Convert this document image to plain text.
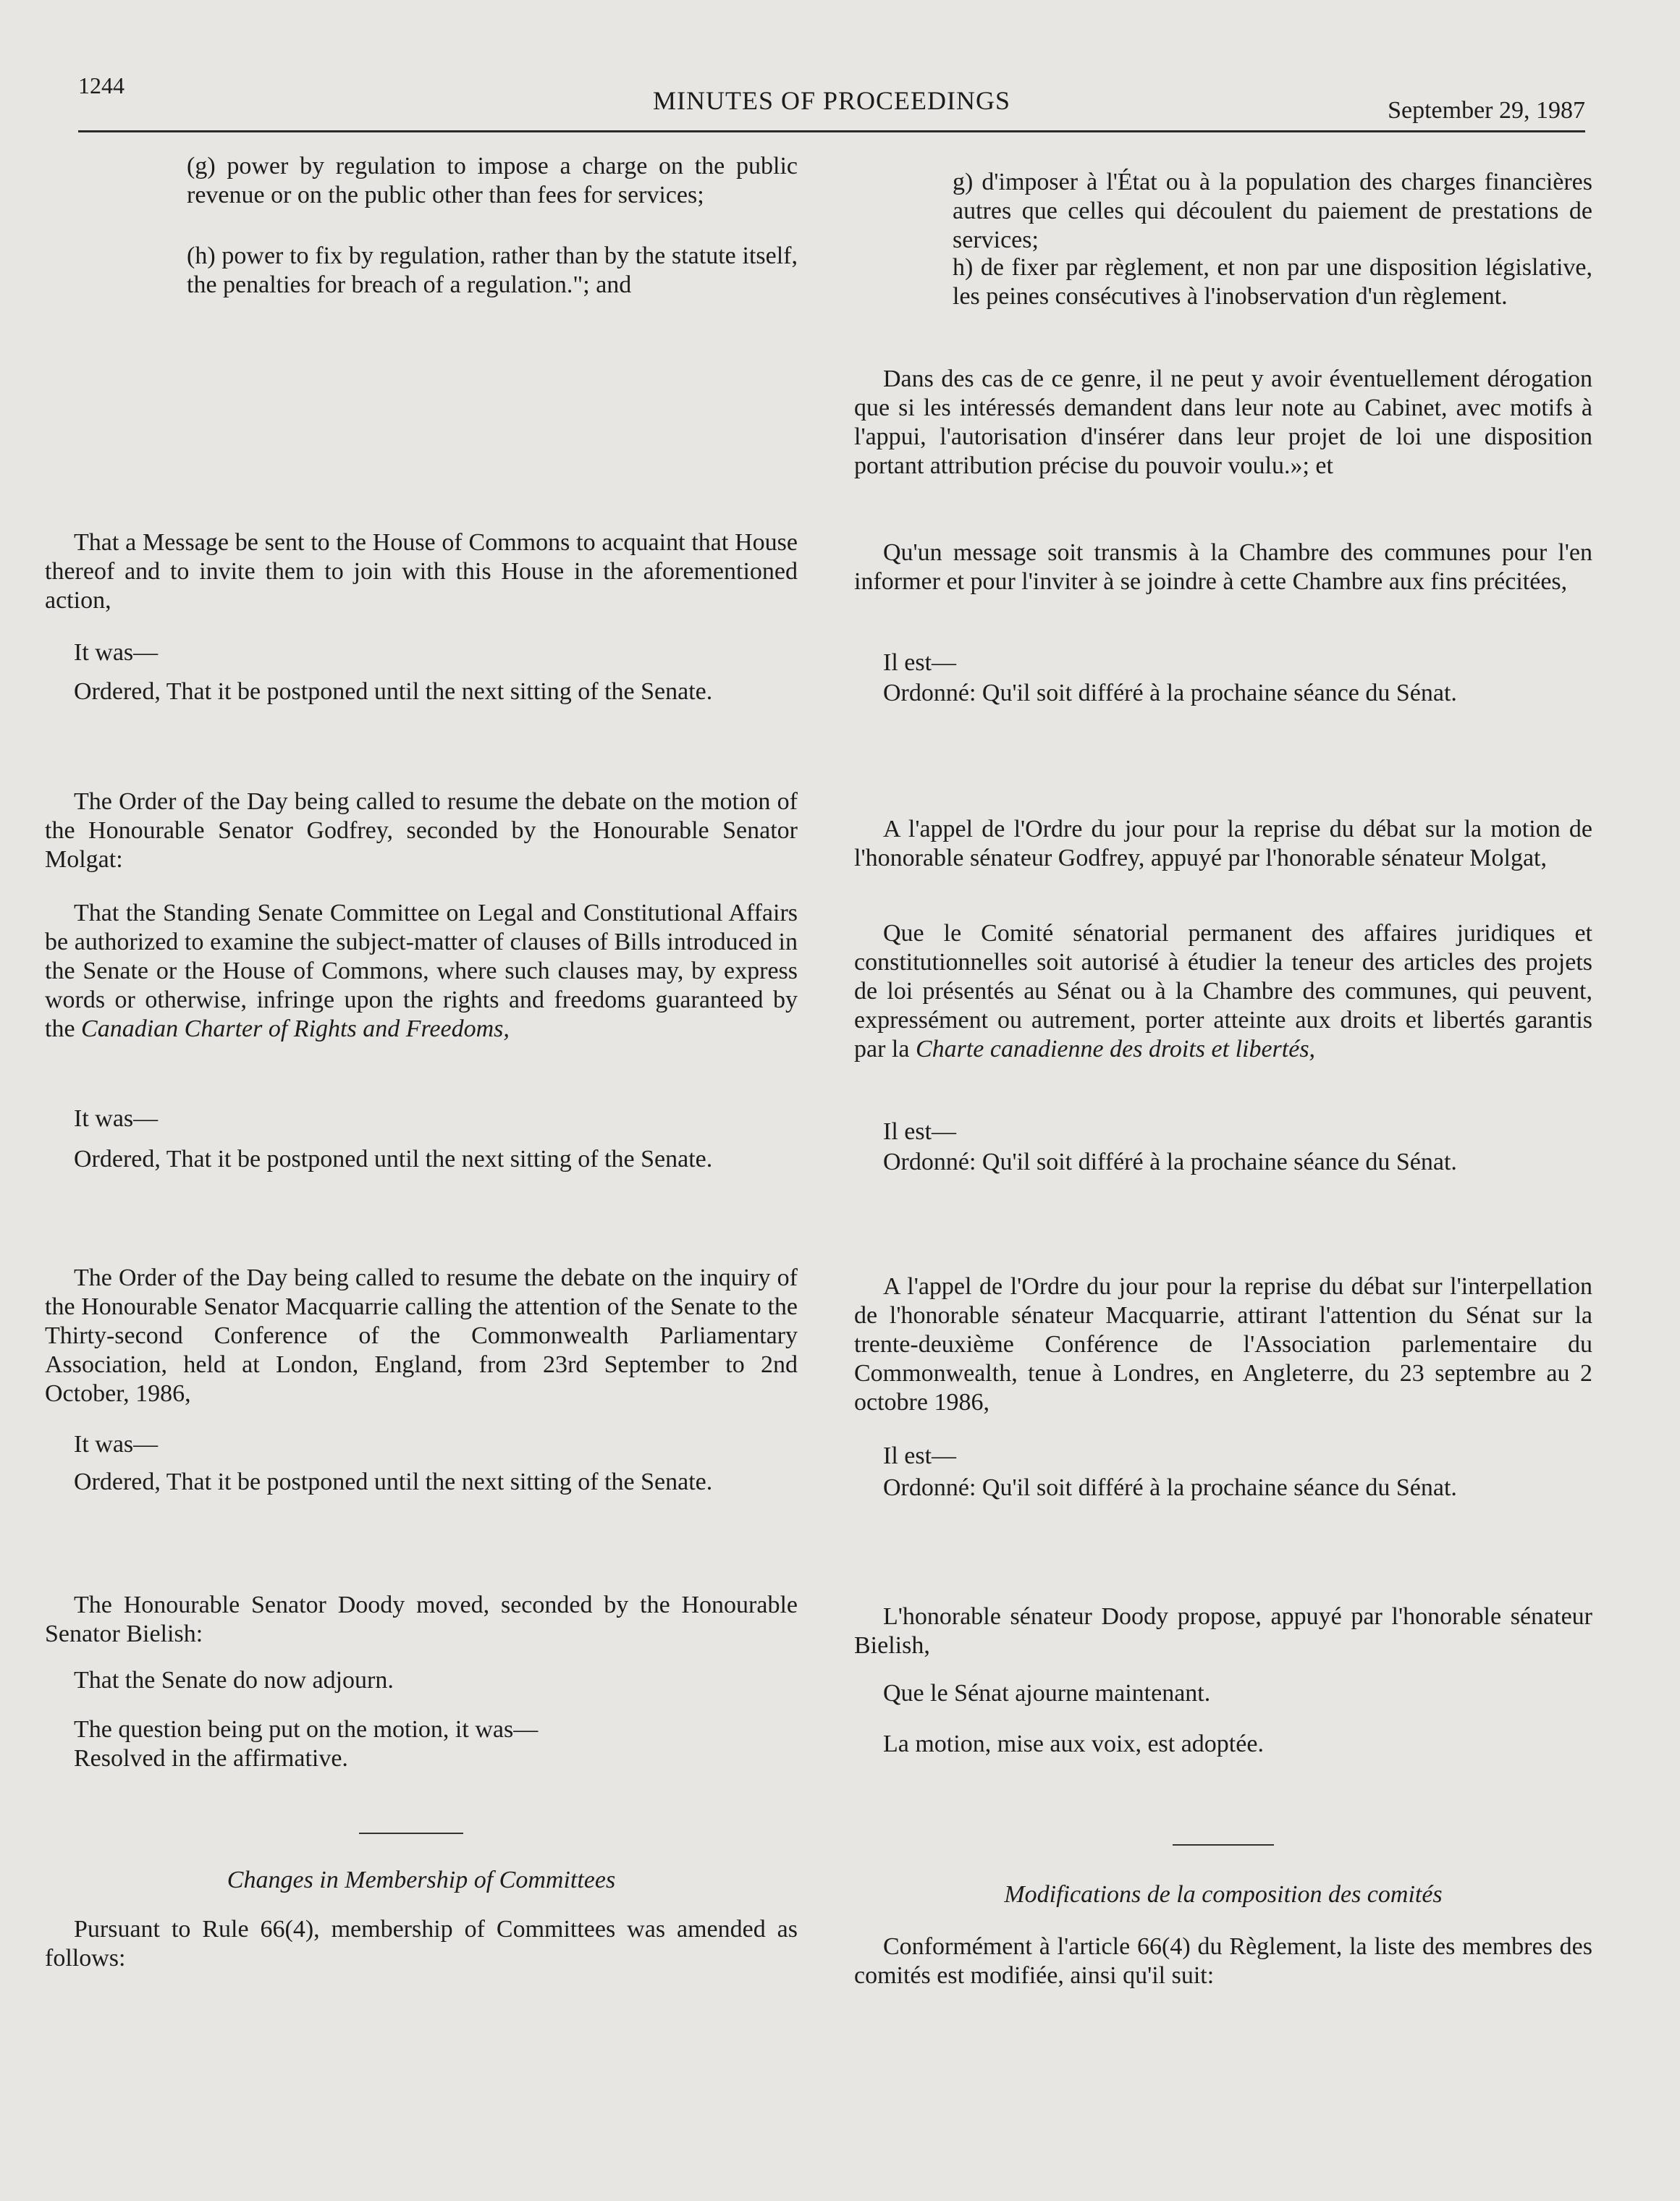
1244
MINUTES OF PROCEEDINGS	September 29, 1987
(g) power by regulation to impose a charge on the public revenue or on the public other than fees for services;
(h) power to fix by regulation, rather than by the statute itself, the penalties for breach of a regulation."; and
That a Message be sent to the House of Commons to acquaint that House thereof and to invite them to join with this House in the aforementioned action,
It was—
Ordered, That it be postponed until the next sitting of the Senate.
The Order of the Day being called to resume the debate on the motion of the Honourable Senator Godfrey, seconded by the Honourable Senator Molgat:
That the Standing Senate Committee on Legal and Constitutional Affairs be authorized to examine the subject-matter of clauses of Bills introduced in the Senate or the House of Commons, where such clauses may, by express words or otherwise, infringe upon the rights and freedoms guaranteed by the Canadian Charter of Rights and Freedoms,
It was—
Ordered, That it be postponed until the next sitting of the Senate.
The Order of the Day being called to resume the debate on the inquiry of the Honourable Senator Macquarrie calling the attention of the Senate to the Thirty-second Conference of the Commonwealth Parliamentary Association, held at London, England, from 23rd September to 2nd October, 1986,
It was—
Ordered, That it be postponed until the next sitting of the Senate.
The Honourable Senator Doody moved, seconded by the Honourable Senator Bielish:
That the Senate do now adjourn.
The question being put on the motion, it was—
Resolved in the affirmative.
Changes in Membership of Committees
Pursuant to Rule 66(4), membership of Committees was amended as follows:
g) d'imposer à l'État ou à la population des charges financières autres que celles qui découlent du paiement de prestations de services;
h) de fixer par règlement, et non par une disposition législative, les peines consécutives à l'inobservation d'un règlement.
Dans des cas de ce genre, il ne peut y avoir éventuellement dérogation que si les intéressés demandent dans leur note au Cabinet, avec motifs à l'appui, l'autorisation d'insérer dans leur projet de loi une disposition portant attribution précise du pouvoir voulu.»; et
Qu'un message soit transmis à la Chambre des communes pour l'en informer et pour l'inviter à se joindre à cette Chambre aux fins précitées,
Il est—
Ordonné: Qu'il soit différé à la prochaine séance du Sénat.
A l'appel de l'Ordre du jour pour la reprise du débat sur la motion de l'honorable sénateur Godfrey, appuyé par l'honorable sénateur Molgat,
Que le Comité sénatorial permanent des affaires juridiques et constitutionnelles soit autorisé à étudier la teneur des articles des projets de loi présentés au Sénat ou à la Chambre des communes, qui peuvent, expressément ou autrement, porter atteinte aux droits et libertés garantis par la Charte canadienne des droits et libertés,
Il est—
Ordonné: Qu'il soit différé à la prochaine séance du Sénat.
A l'appel de l'Ordre du jour pour la reprise du débat sur l'interpellation de l'honorable sénateur Macquarrie, attirant l'attention du Sénat sur la trente-deuxième Conférence de l'Association parlementaire du Commonwealth, tenue à Londres, en Angleterre, du 23 septembre au 2 octobre 1986,
Il est—
Ordonné: Qu'il soit différé à la prochaine séance du Sénat.
L'honorable sénateur Doody propose, appuyé par l'honorable sénateur Bielish,
Que le Sénat ajourne maintenant.
La motion, mise aux voix, est adoptée.
Modifications de la composition des comités
Conformément à l'article 66(4) du Règlement, la liste des membres des comités est modifiée, ainsi qu'il suit:
